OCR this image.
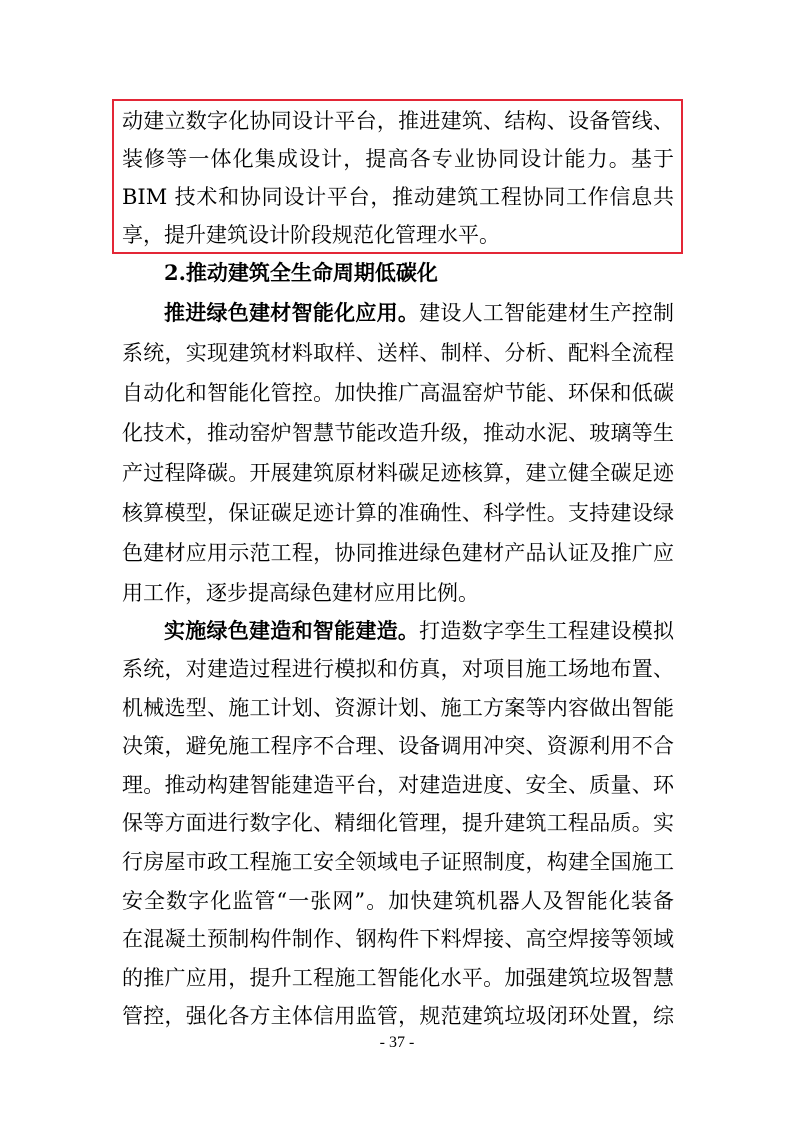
动建立数字化协同设计平台，推进建筑、结构、设备管线、
装修等一体化集成设计，提高各专业协同设计能力。基于
BIM 技术和协同设计平台，推动建筑工程协同工作信息共
享，提升建筑设计阶段规范化管理水平。
2.推动建筑全生命周期低碳化
推进绿色建材智能化应用。建设人工智能建材生产控制
系统，实现建筑材料取样、送样、制样、分析、配料全流程
自动化和智能化管控。加快推广高温窑炉节能、环保和低碳
化技术，推动窑炉智慧节能改造升级，推动水泥、玻璃等生
产过程降碳。开展建筑原材料碳足迹核算，建立健全碳足迹
核算模型，保证碳足迹计算的准确性、科学性。支持建设绿
色建材应用示范工程，协同推进绿色建材产品认证及推广应
用工作，逐步提高绿色建材应用比例。
实施绿色建造和智能建造。打造数字孪生工程建设模拟
系统，对建造过程进行模拟和仿真，对项目施工场地布置、
机械选型、施工计划、资源计划、施工方案等内容做出智能
决策，避免施工程序不合理、设备调用冲突、资源利用不合
理。推动构建智能建造平台，对建造进度、安全、质量、环
保等方面进行数字化、精细化管理，提升建筑工程品质。实
行房屋市政工程施工安全领域电子证照制度，构建全国施工
安全数字化监管“一张网”。加快建筑机器人及智能化装备
在混凝土预制构件制作、钢构件下料焊接、高空焊接等领域
的推广应用，提升工程施工智能化水平。加强建筑垃圾智慧
管控，强化各方主体信用监管，规范建筑垃圾闭环处置，综
- 37 -
